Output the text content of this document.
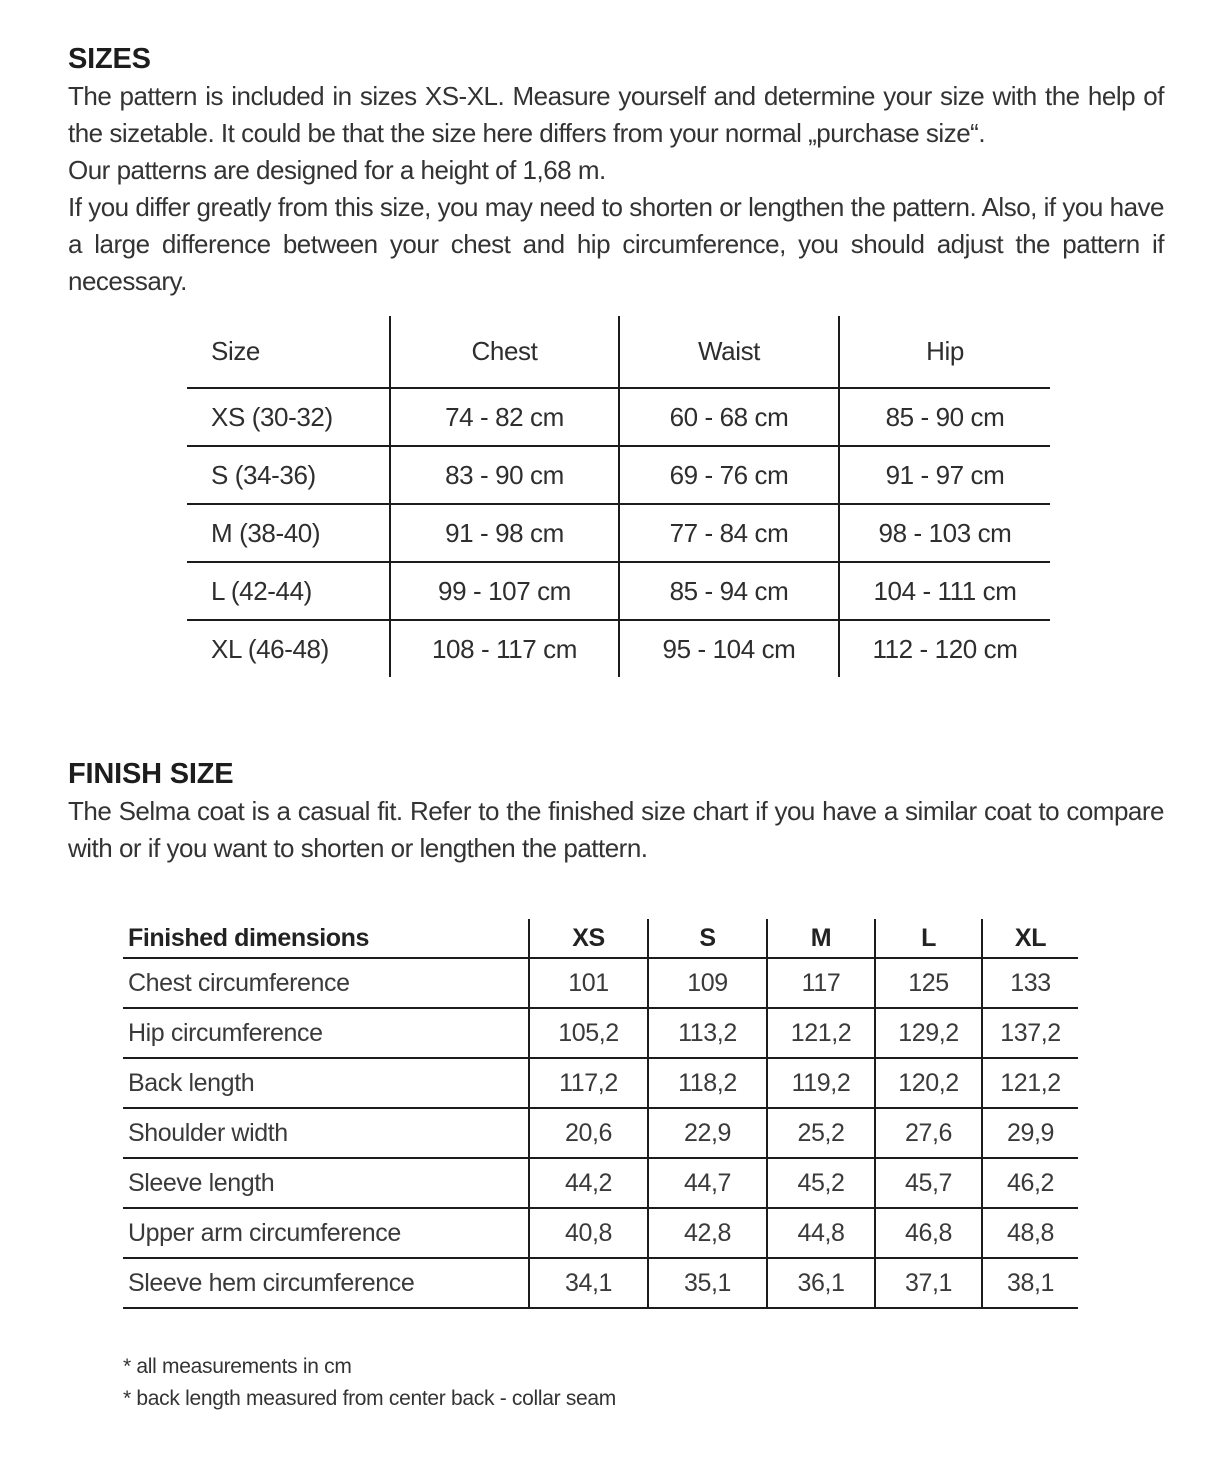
SIZES

The pattern is included in sizes XS-XL. Measure yourself and determine your size with the help of the sizetable. It could be that the size here differs from your normal „purchase size“.

Our patterns are designed for a height of 1,68 m.

If you differ greatly from this size, you may need to shorten or lengthen the pattern. Also, if you have a large difference between your chest and hip circumference, you should adjust the pattern if necessary.

Size	Chest	Waist	Hip
XS (30-32)	74 - 82 cm	60 - 68 cm	85 - 90 cm
S (34-36)	83 - 90 cm	69 - 76 cm	91 - 97 cm
M (38-40)	91 - 98 cm	77 - 84 cm	98 - 103 cm
L (42-44)	99 - 107 cm	85 - 94 cm	104 - 111 cm
XL (46-48)	108 - 117 cm	95 - 104 cm	112 - 120 cm
FINISH SIZE

The Selma coat is a casual fit. Refer to the finished size chart if you have a similar coat to compare with or if you want to shorten or lengthen the pattern.

Finished dimensions	XS	S	M	L	XL
Chest circumference	101	109	117	125	133
Hip circumference	105,2	113,2	121,2	129,2	137,2
Back length	117,2	118,2	119,2	120,2	121,2
Shoulder width	20,6	22,9	25,2	27,6	29,9
Sleeve length	44,2	44,7	45,2	45,7	46,2
Upper arm circumference	40,8	42,8	44,8	46,8	48,8
Sleeve hem circumference	34,1	35,1	36,1	37,1	38,1
* all measurements in cm
* back length measured from center back - collar seam
